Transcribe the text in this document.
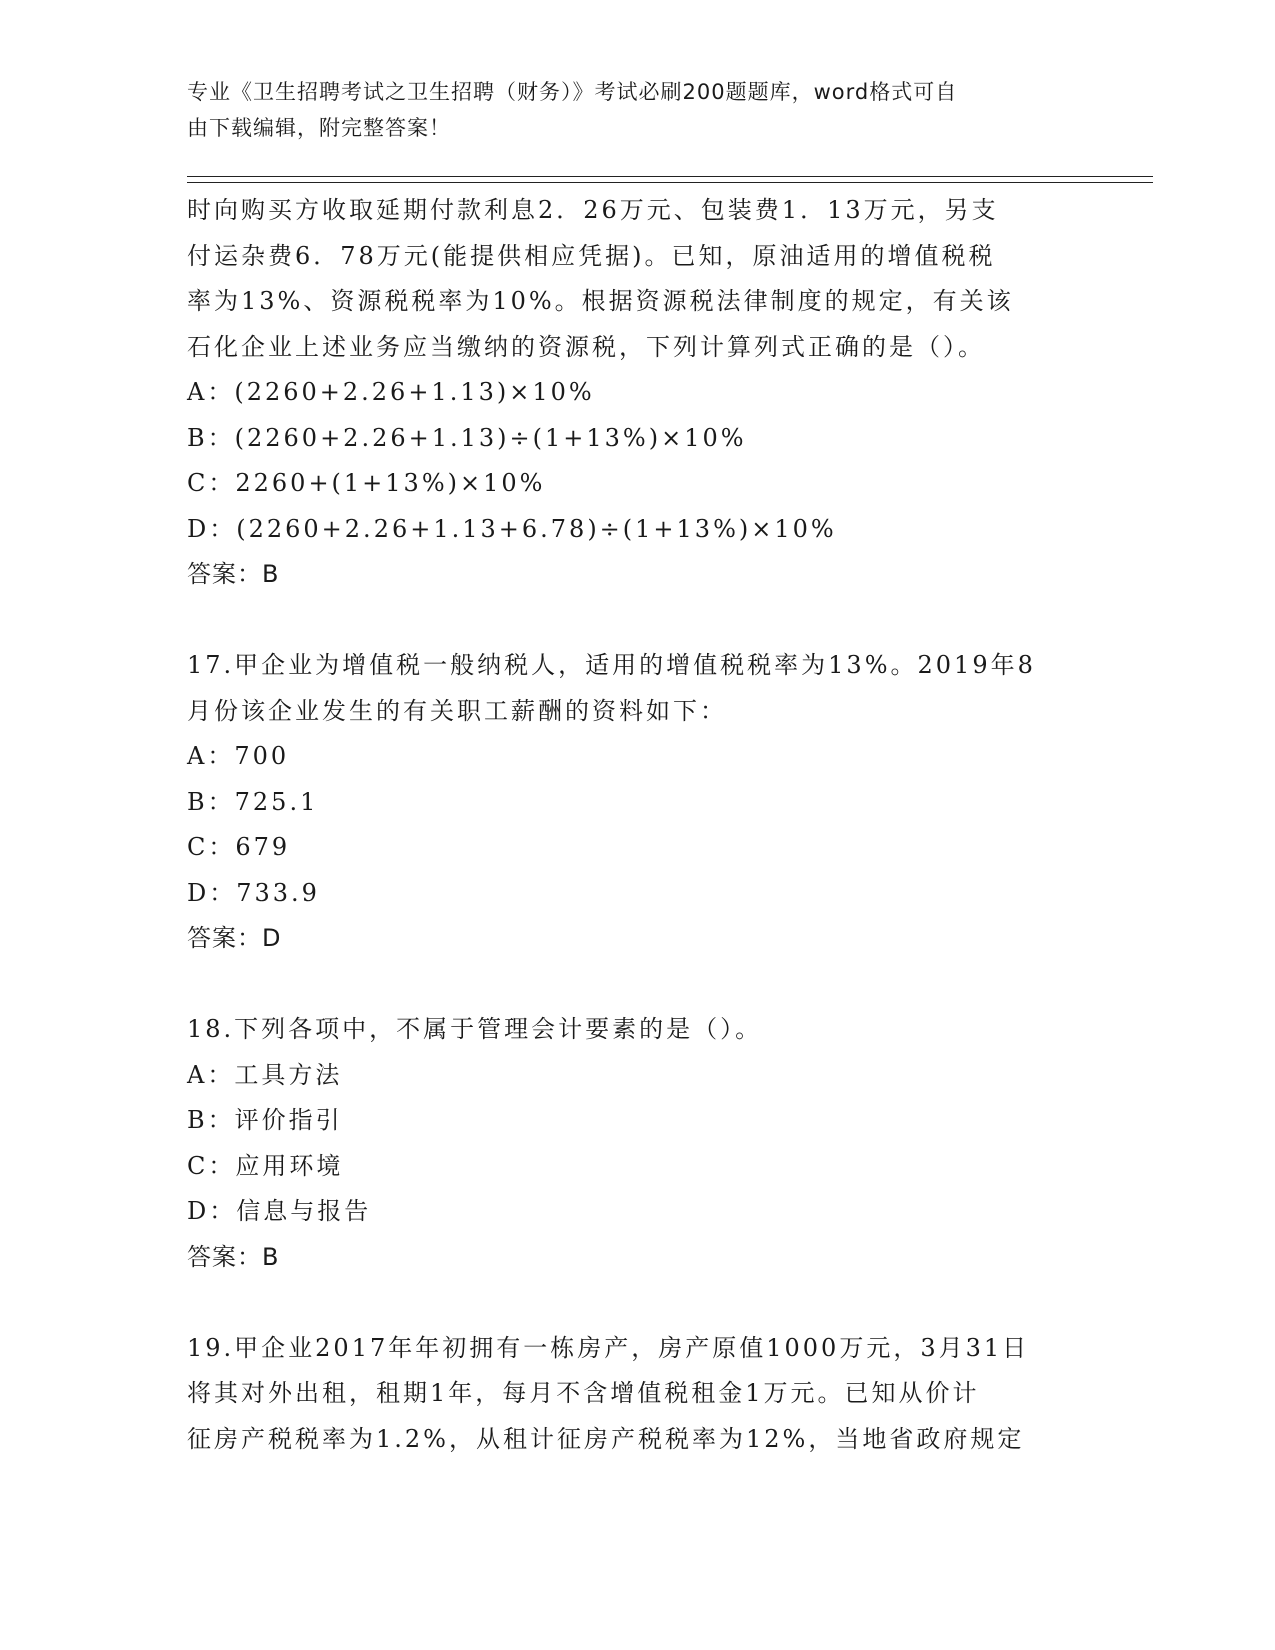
专业《卫生招聘考试之卫生招聘（财务）》考试必刷200题题库，word格式可自
由下载编辑，附完整答案！
时向购买方收取延期付款利息2．26万元、包装费1．13万元，另支
付运杂费6．78万元(能提供相应凭据)。已知，原油适用的增值税税
率为13%、资源税税率为10%。根据资源税法律制度的规定，有关该
石化企业上述业务应当缴纳的资源税，下列计算列式正确的是（）。
A：(2260+2.26+1.13)×10%
B：(2260+2.26+1.13)÷(1+13%)×10%
C：2260+(1+13%)×10%
D：(2260+2.26+1.13+6.78)÷(1+13%)×10%
答案：B
17.甲企业为增值税一般纳税人，适用的增值税税率为13%。2019年8
月份该企业发生的有关职工薪酬的资料如下：
A：700
B：725.1
C：679
D：733.9
答案：D
18.下列各项中，不属于管理会计要素的是（）。
A：工具方法
B：评价指引
C：应用环境
D：信息与报告
答案：B
19.甲企业2017年年初拥有一栋房产，房产原值1000万元，3月31日
将其对外出租，租期1年，每月不含增值税租金1万元。已知从价计
征房产税税率为1.2%，从租计征房产税税率为12%，当地省政府规定
